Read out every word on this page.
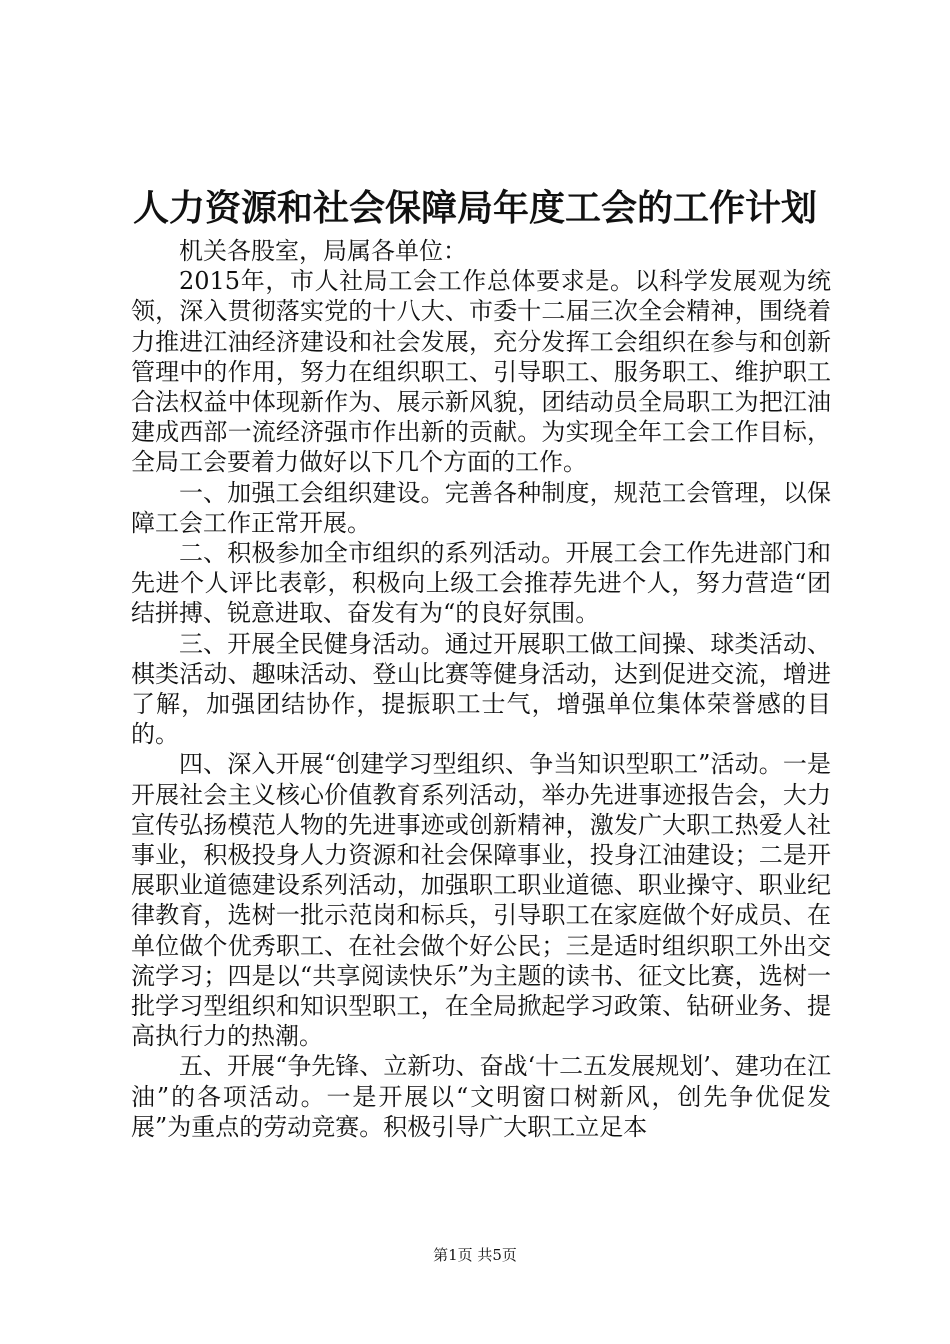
人力资源和社会保障局年度工会的工作计划

机关各股室，局属各单位：

2015年，市人社局工会工作总体要求是。以科学发展观为统领，深入贯彻落实党的十八大、市委十二届三次全会精神，围绕着力推进江油经济建设和社会发展，充分发挥工会组织在参与和创新管理中的作用，努力在组织职工、引导职工、服务职工、维护职工合法权益中体现新作为、展示新风貌，团结动员全局职工为把江油建成西部一流经济强市作出新的贡献。为实现全年工会工作目标，全局工会要着力做好以下几个方面的工作。

一、加强工会组织建设。完善各种制度，规范工会管理，以保障工会工作正常开展。

二、积极参加全市组织的系列活动。开展工会工作先进部门和先进个人评比表彰，积极向上级工会推荐先进个人，努力营造“团结拼搏、锐意进取、奋发有为“的良好氛围。

三、开展全民健身活动。通过开展职工做工间操、球类活动、棋类活动、趣味活动、登山比赛等健身活动，达到促进交流，增进了解，加强团结协作，提振职工士气，增强单位集体荣誉感的目的。

四、深入开展“创建学习型组织、争当知识型职工”活动。一是开展社会主义核心价值教育系列活动，举办先进事迹报告会，大力宣传弘扬模范人物的先进事迹或创新精神，激发广大职工热爱人社事业，积极投身人力资源和社会保障事业，投身江油建设；二是开展职业道德建设系列活动，加强职工职业道德、职业操守、职业纪律教育，选树一批示范岗和标兵，引导职工在家庭做个好成员、在单位做个优秀职工、在社会做个好公民；三是适时组织职工外出交流学习；四是以“共享阅读快乐”为主题的读书、征文比赛，选树一批学习型组织和知识型职工，在全局掀起学习政策、钻研业务、提高执行力的热潮。

五、开展“争先锋、立新功、奋战‘十二五发展规划’、建功在江油”的各项活动。一是开展以“文明窗口树新风，创先争优促发展”为重点的劳动竞赛。积极引导广大职工立足本

第1页 共5页
